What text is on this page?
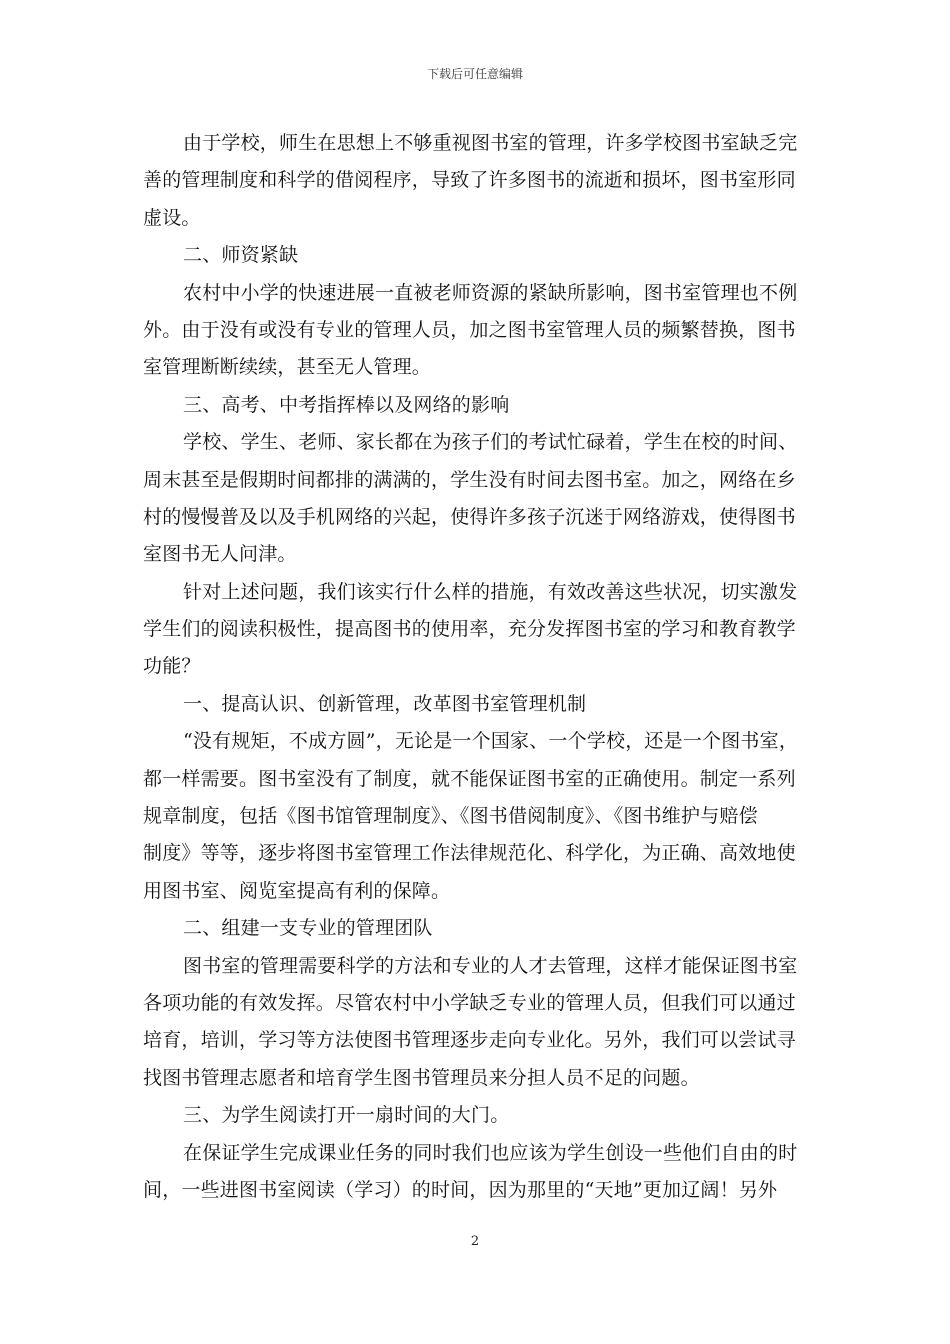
下载后可任意编辑
由于学校，师生在思想上不够重视图书室的管理，许多学校图书室缺乏完
善的管理制度和科学的借阅程序，导致了许多图书的流逝和损坏，图书室形同
虚设。
二、师资紧缺
农村中小学的快速进展一直被老师资源的紧缺所影响，图书室管理也不例
外。由于没有或没有专业的管理人员，加之图书室管理人员的频繁替换，图书
室管理断断续续，甚至无人管理。
三、高考、中考指挥棒以及网络的影响
学校、学生、老师、家长都在为孩子们的考试忙碌着，学生在校的时间、
周末甚至是假期时间都排的满满的，学生没有时间去图书室。加之，网络在乡
村的慢慢普及以及手机网络的兴起，使得许多孩子沉迷于网络游戏，使得图书
室图书无人问津。
针对上述问题，我们该实行什么样的措施，有效改善这些状况，切实激发
学生们的阅读积极性，提高图书的使用率，充分发挥图书室的学习和教育教学
功能？
一、提高认识、创新管理，改革图书室管理机制
“没有规矩，不成方圆”，无论是一个国家、一个学校，还是一个图书室，
都一样需要。图书室没有了制度，就不能保证图书室的正确使用。制定一系列
规章制度，包括《图书馆管理制度》、《图书借阅制度》、《图书维护与赔偿
制度》等等，逐步将图书室管理工作法律规范化、科学化，为正确、高效地使
用图书室、阅览室提高有利的保障。
二、组建一支专业的管理团队
图书室的管理需要科学的方法和专业的人才去管理，这样才能保证图书室
各项功能的有效发挥。尽管农村中小学缺乏专业的管理人员，但我们可以通过
培育，培训，学习等方法使图书管理逐步走向专业化。另外，我们可以尝试寻
找图书管理志愿者和培育学生图书管理员来分担人员不足的问题。
三、为学生阅读打开一扇时间的大门。
在保证学生完成课业任务的同时我们也应该为学生创设一些他们自由的时
间，一些进图书室阅读（学习）的时间，因为那里的“天地”更加辽阔！另外
2
